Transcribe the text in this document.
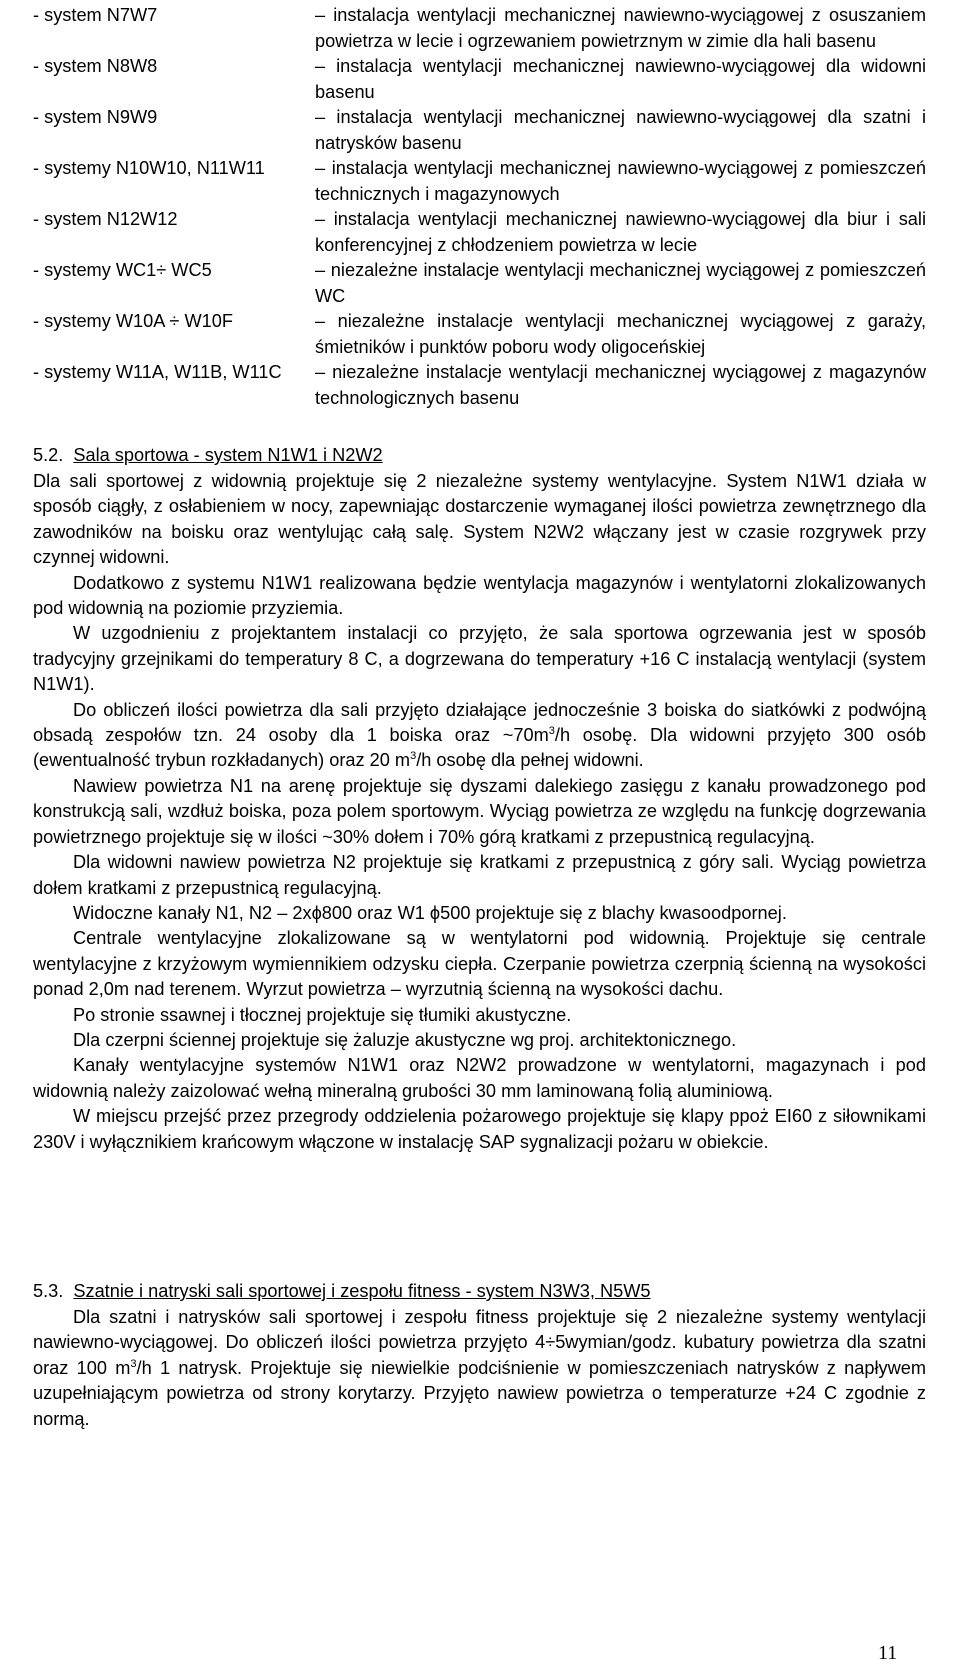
- system N7W7	– instalacja wentylacji mechanicznej nawiewno-wyciągowej z osuszaniem powietrza w lecie i ogrzewaniem powietrznym w zimie dla hali basenu
- system N8W8	– instalacja wentylacji mechanicznej nawiewno-wyciągowej dla widowni basenu
- system N9W9	– instalacja wentylacji mechanicznej nawiewno-wyciągowej dla szatni i natrysków basenu
- systemy N10W10, N11W11	– instalacja wentylacji mechanicznej nawiewno-wyciągowej z pomieszczeń technicznych i magazynowych
- system N12W12	– instalacja wentylacji mechanicznej nawiewno-wyciągowej dla biur i sali konferencyjnej z chłodzeniem powietrza w lecie
- systemy WC1÷ WC5	– niezależne instalacje wentylacji mechanicznej wyciągowej z pomieszczeń WC
- systemy W10A ÷ W10F	– niezależne instalacje wentylacji mechanicznej wyciągowej z garaży, śmietników i punktów poboru wody oligoceńskiej
- systemy W11A, W11B, W11C	– niezależne instalacje wentylacji mechanicznej wyciągowej z magazynów technologicznych basenu
5.2. Sala sportowa - system N1W1 i N2W2

Dla sali sportowej z widownią projektuje się 2 niezależne systemy wentylacyjne. System N1W1 działa w sposób ciągły, z osłabieniem w nocy, zapewniając dostarczenie wymaganej ilości powietrza zewnętrznego dla zawodników na boisku oraz wentylując całą salę. System N2W2 włączany jest w czasie rozgrywek przy czynnej widowni.

Dodatkowo z systemu N1W1 realizowana będzie wentylacja magazynów i wentylatorni zlokalizowanych pod widownią na poziomie przyziemia.

W uzgodnieniu z projektantem instalacji co przyjęto, że sala sportowa ogrzewania jest w sposób tradycyjny grzejnikami do temperatury 8 C, a dogrzewana do temperatury +16 C instalacją wentylacji (system N1W1).

Do obliczeń ilości powietrza dla sali przyjęto działające jednocześnie 3 boiska do siatkówki z podwójną obsadą zespołów tzn. 24 osoby dla 1 boiska oraz $\sim 70m^3/h$ osobę. Dla widowni przyjęto 300 osób (ewentualność trybun rozkładanych) oraz 20 $m^3/h$ osobę dla pełnej widowni.

Nawiew powietrza N1 na arenę projektuje się dyszami dalekiego zasięgu z kanału prowadzonego pod konstrukcją sali, wzdłuż boiska, poza polem sportowym. Wyciąg powietrza ze względu na funkcję dogrzewania powietrznego projektuje się w ilości ~30% dołem i 70% górą kratkami z przepustnicą regulacyjną.

Dla widowni nawiew powietrza N2 projektuje się kratkami z przepustnicą z góry sali. Wyciąg powietrza dołem kratkami z przepustnicą regulacyjną.

Widoczne kanały N1, N2 – 2xϕ800 oraz W1 ϕ500 projektuje się z blachy kwasoodpornej.

Centrale wentylacyjne zlokalizowane są w wentylatorni pod widownią. Projektuje się centrale wentylacyjne z krzyżowym wymiennikiem odzysku ciepła. Czerpanie powietrza czerpnią ścienną na wysokości ponad 2,0m nad terenem. Wyrzut powietrza – wyrzutnią ścienną na wysokości dachu.

Po stronie ssawnej i tłocznej projektuje się tłumiki akustyczne.

Dla czerpni ściennej projektuje się żaluzje akustyczne wg proj. architektonicznego.

Kanały wentylacyjne systemów N1W1 oraz N2W2 prowadzone w wentylatorni, magazynach i pod widownią należy zaizolować wełną mineralną grubości 30 mm laminowaną folią aluminiową.

W miejscu przejść przez przegrody oddzielenia pożarowego projektuje się klapy ppoż EI60 z siłownikami 230V i wyłącznikiem krańcowym włączone w instalację SAP sygnalizacji pożaru w obiekcie.

5.3. Szatnie i natryski sali sportowej i zespołu fitness - system N3W3, N5W5

Dla szatni i natrysków sali sportowej i zespołu fitness projektuje się 2 niezależne systemy wentylacji nawiewno-wyciągowej. Do obliczeń ilości powietrza przyjęto 4÷5wymian/godz. kubatury powietrza dla szatni oraz 100 $m^3/h$ 1 natrysk. Projektuje się niewielkie podciśnienie w pomieszczeniach natrysków z napływem uzupełniającym powietrza od strony korytarzy. Przyjęto nawiew powietrza o temperaturze +24 C zgodnie z normą.

11
